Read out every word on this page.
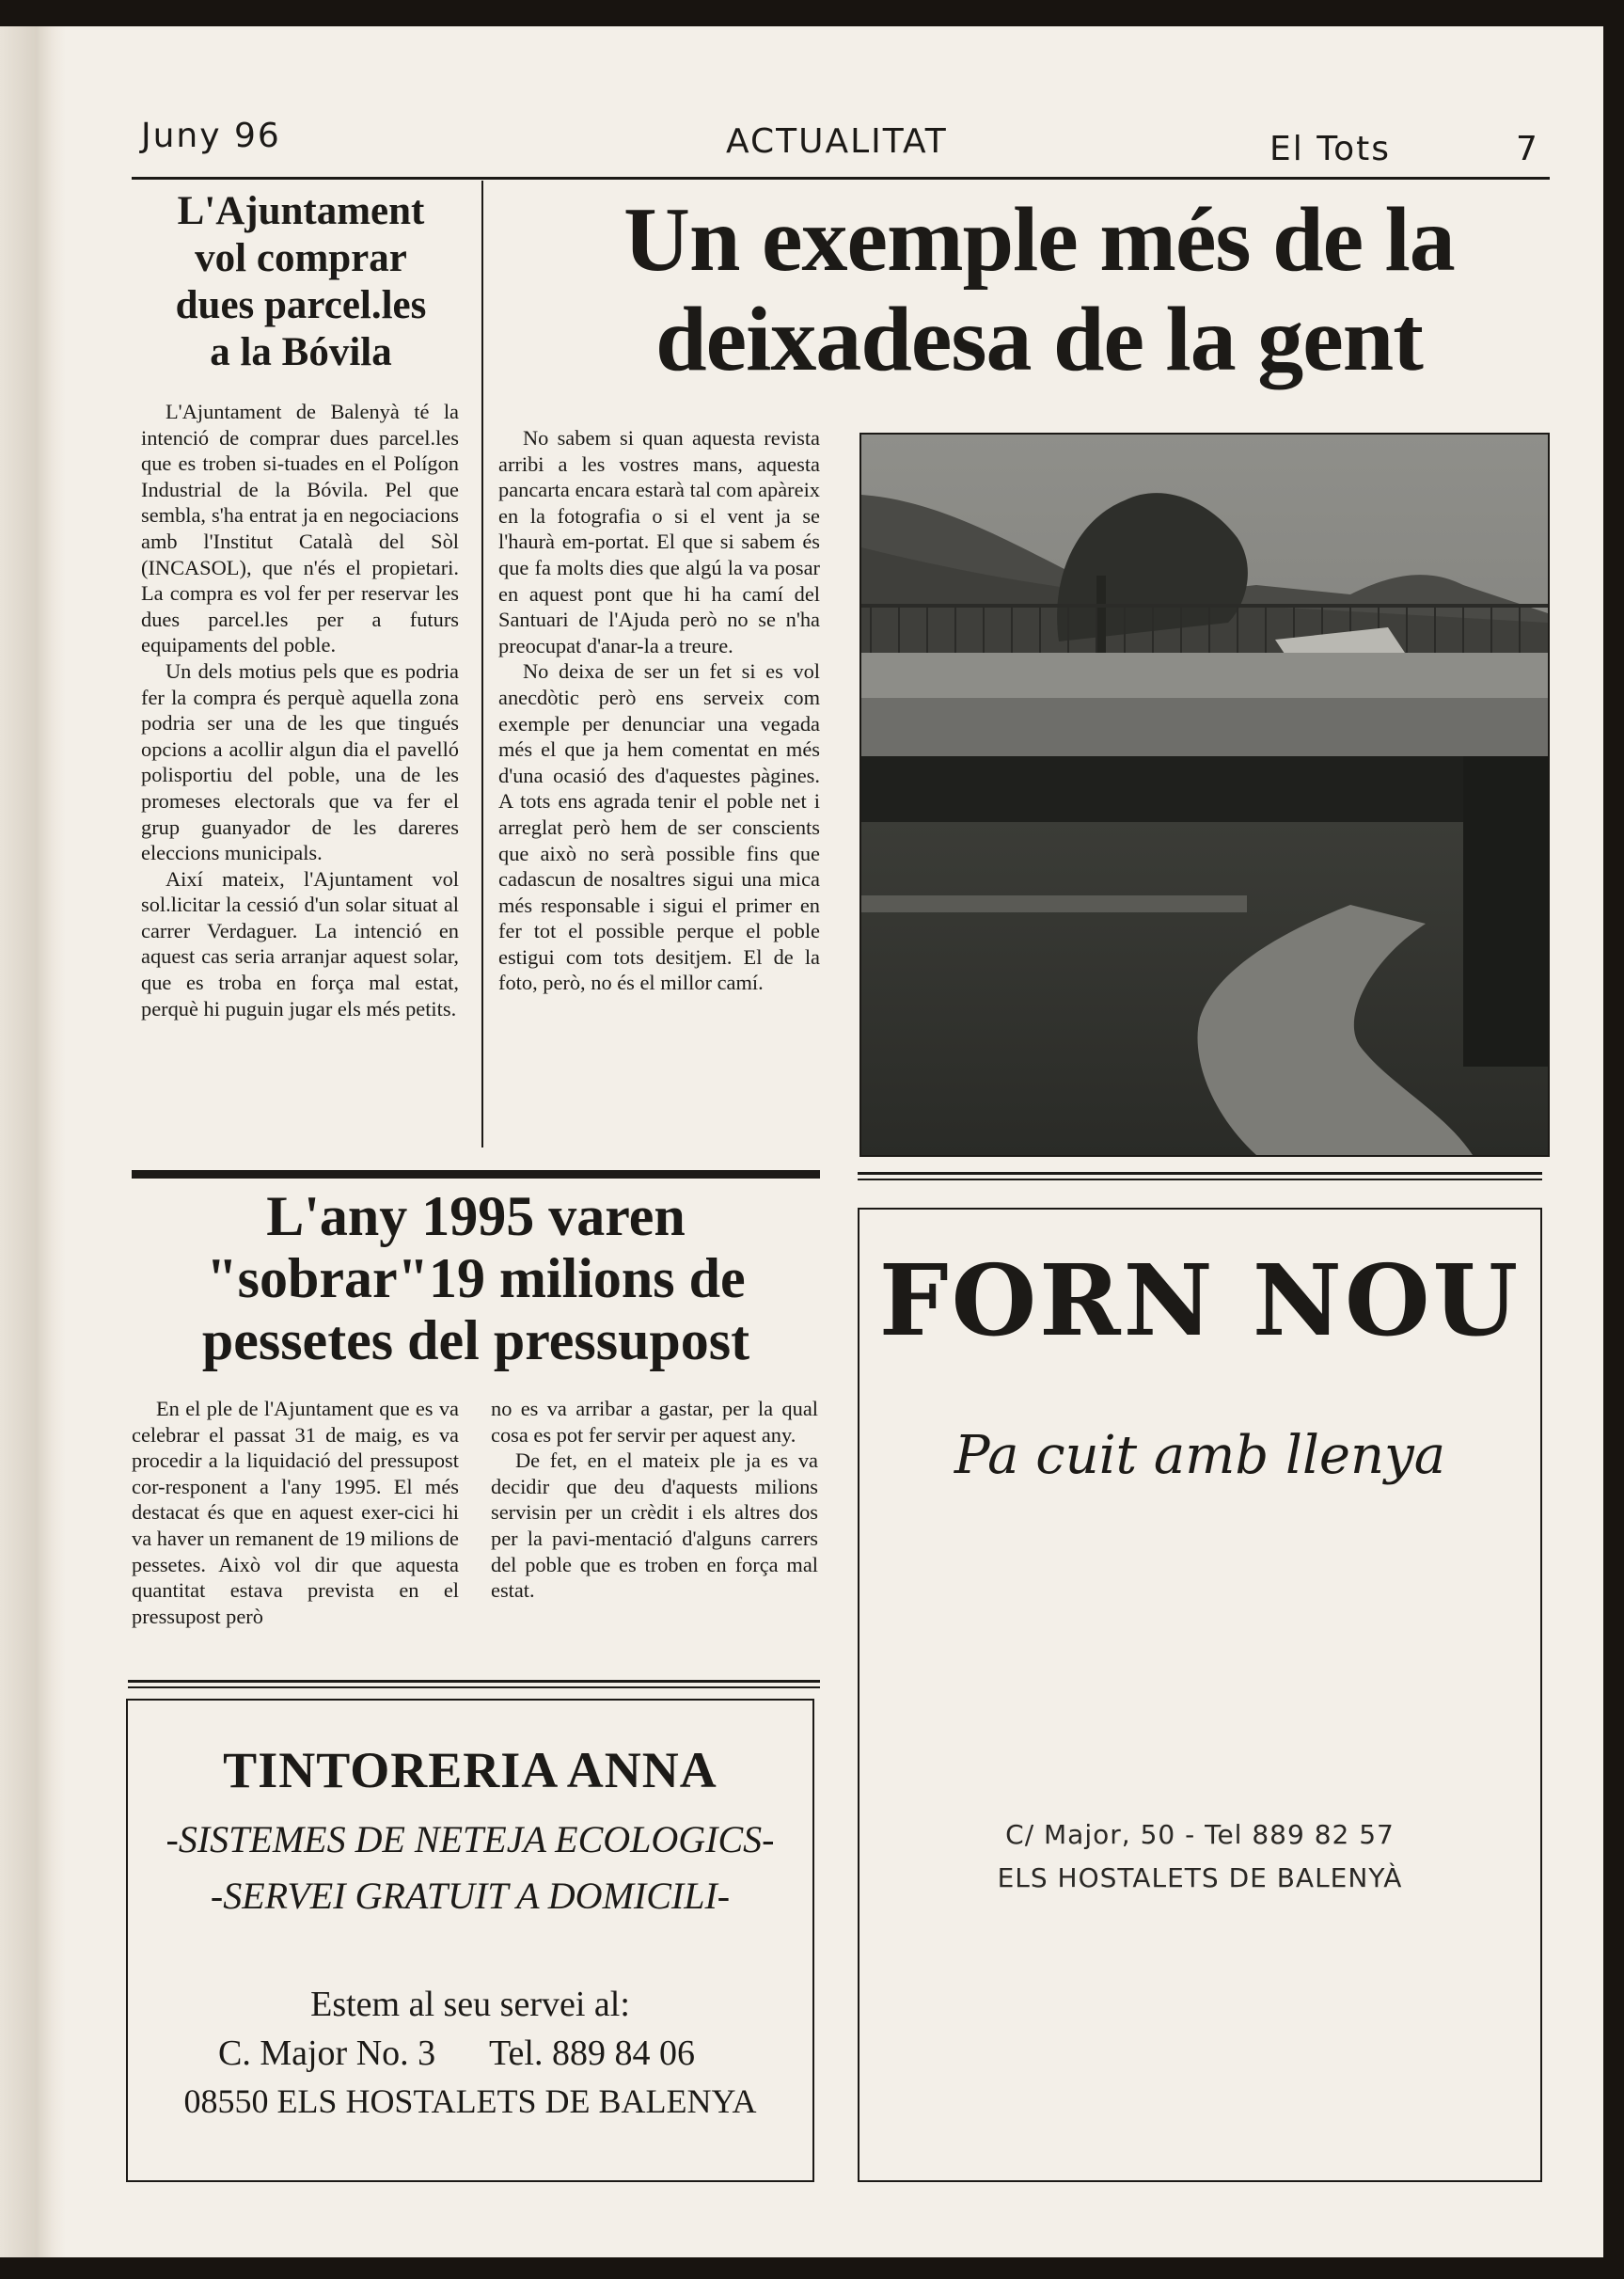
Juny 96	ACTUALITAT	El Tots	7
L'Ajuntament
vol comprar
dues parcel.les
a la Bóvila

L'Ajuntament de Balenyà té la intenció de comprar dues parcel.les que es troben si-tuades en el Polígon Industrial de la Bóvila. Pel que sembla, s'ha entrat ja en negociacions amb l'Institut Català del Sòl (INCASOL), que n'és el propietari. La compra es vol fer per reservar les dues parcel.les per a futurs equipaments del poble.

Un dels motius pels que es podria fer la compra és perquè aquella zona podria ser una de les que tingués opcions a acollir algun dia el pavelló polisportiu del poble, una de les promeses electorals que va fer el grup guanyador de les dareres eleccions municipals.

Així mateix, l'Ajuntament vol sol.licitar la cessió d'un solar situat al carrer Verdaguer. La intenció en aquest cas seria arranjar aquest solar, que es troba en força mal estat, perquè hi puguin jugar els més petits.

Un exemple més de la
deixadesa de la gent

No sabem si quan aquesta revista arribi a les vostres mans, aquesta pancarta encara estarà tal com apàreix en la fotografia o si el vent ja se l'haurà em-portat. El que si sabem és que fa molts dies que algú la va posar en aquest pont que hi ha camí del Santuari de l'Ajuda però no se n'ha preocupat d'anar-la a treure.

No deixa de ser un fet si es vol anecdòtic però ens serveix com exemple per denunciar una vegada més el que ja hem comentat en més d'una ocasió des d'aquestes pàgines. A tots ens agrada tenir el poble net i arreglat però hem de ser conscients que això no serà possible fins que cadascun de nosaltres sigui una mica més responsable i sigui el primer en fer tot el possible perque el poble estigui com tots desitjem. El de la foto, però, no és el millor camí.

L'any 1995 varen
"sobrar"19 milions de
pessetes del pressupost

En el ple de l'Ajuntament que es va celebrar el passat 31 de maig, es va procedir a la liquidació del pressupost cor-responent a l'any 1995. El més destacat és que en aquest exer-cici hi va haver un remanent de 19 milions de pessetes. Això vol dir que aquesta quantitat estava prevista en el pressupost però

no es va arribar a gastar, per la qual cosa es pot fer servir per aquest any.

De fet, en el mateix ple ja es va decidir que deu d'aquests milions servisin per un crèdit i els altres dos per la pavi-mentació d'alguns carrers del poble que es troben en força mal estat.

FORN NOU
Pa cuit amb llenya
C/ Major, 50 - Tel 889 82 57
ELS HOSTALETS DE BALENYÀ
TINTORERIA ANNA
-SISTEMES DE NETEJA ECOLOGICS-
-SERVEI GRATUIT A DOMICILI-
Estem al seu servei al:
C. Major No. 3 Tel. 889 84 06
08550 ELS HOSTALETS DE BALENYA
